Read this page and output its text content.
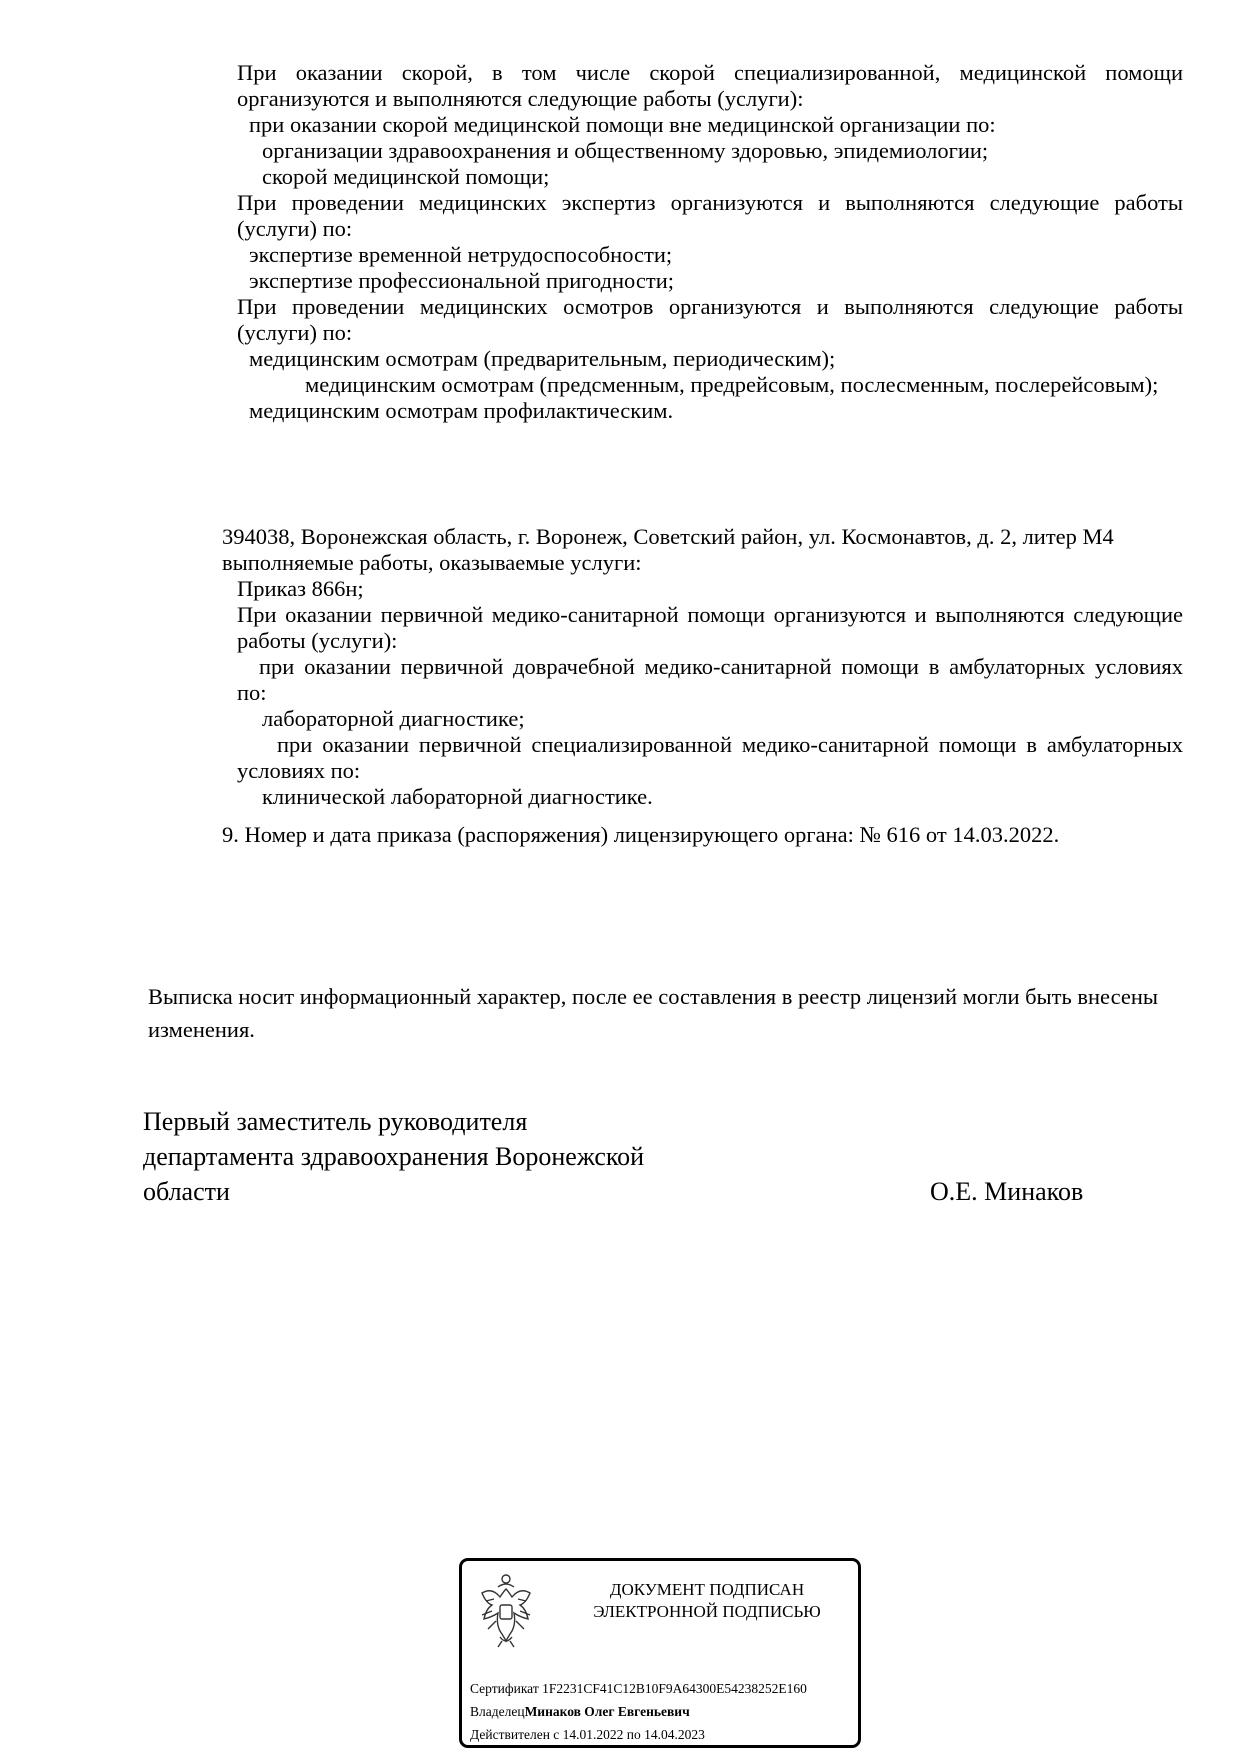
При оказании скорой, в том числе скорой специализированной, медицинской помощи организуются и выполняются следующие работы (услуги):

при оказании скорой медицинской помощи вне медицинской организации по:

организации здравоохранения и общественному здоровью, эпидемиологии;

скорой медицинской помощи;

При проведении медицинских экспертиз организуются и выполняются следующие работы (услуги) по:

экспертизе временной нетрудоспособности;

экспертизе профессиональной пригодности;

При проведении медицинских осмотров организуются и выполняются следующие работы (услуги) по:

медицинским осмотрам (предварительным, периодическим);

медицинским осмотрам (предсменным, предрейсовым, послесменным, послерейсовым);

медицинским осмотрам профилактическим.

394038, Воронежская область, г. Воронеж, Советский район, ул. Космонавтов, д. 2, литер М4

выполняемые работы, оказываемые услуги:

Приказ 866н;

При оказании первичной медико-санитарной помощи организуются и выполняются следующие работы (услуги):

при оказании первичной доврачебной медико-санитарной помощи в амбулаторных условиях по:

лабораторной диагностике;

при оказании первичной специализированной медико-санитарной помощи в амбулаторных условиях по:

клинической лабораторной диагностике.

9. Номер и дата приказа (распоряжения) лицензирующего органа: № 616 от 14.03.2022.

Выписка носит информационный характер, после ее составления в реестр лицензий могли быть внесены изменения.
Первый заместитель руководителя
департамента здравоохранения Воронежской
области	О.Е. Минаков
ДОКУМЕНТ ПОДПИСАН
ЭЛЕКТРОННОЙ ПОДПИСЬЮ
Сертификат 1F2231CF41C12B10F9A64300E54238252E160
ВладелецМинаков Олег Евгеньевич
Действителен с 14.01.2022 по 14.04.2023
